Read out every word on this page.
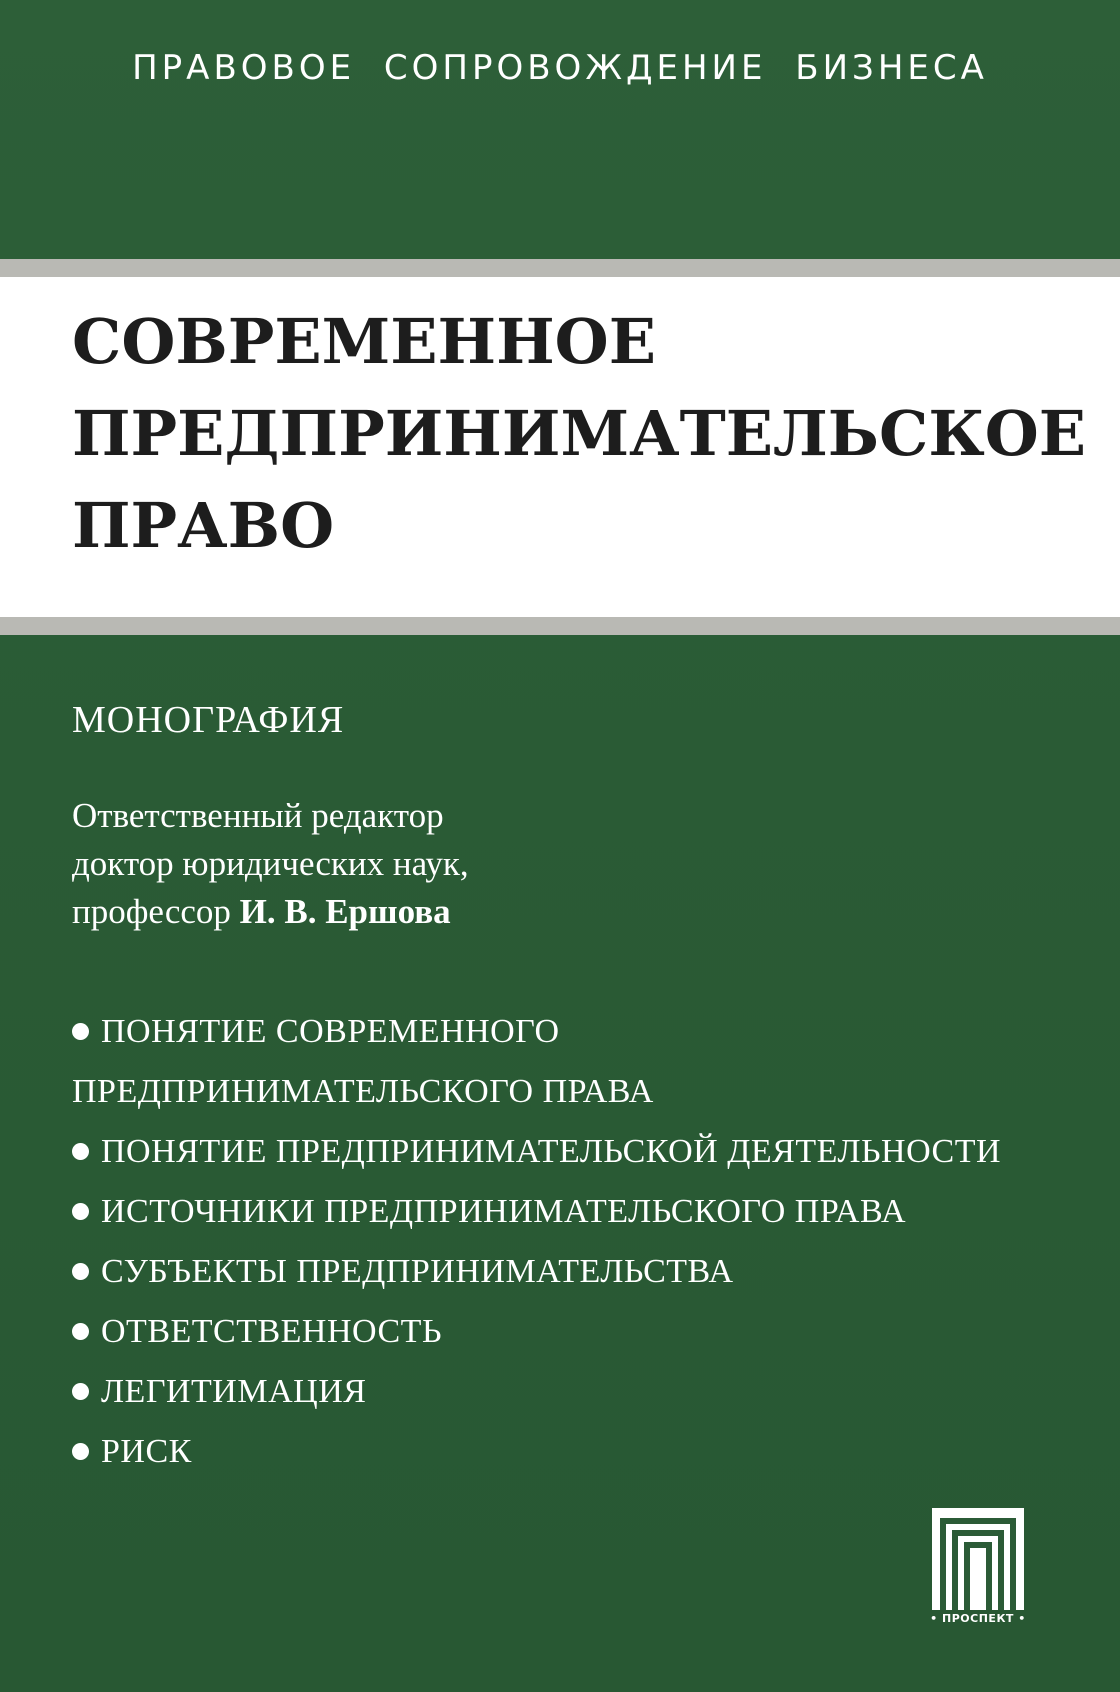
ПРАВОВОЕ СОПРОВОЖДЕНИЕ БИЗНЕСА
СОВРЕМЕННОЕ
ПРЕДПРИНИМАТЕЛЬСКОЕ
ПРАВО
МОНОГРАФИЯ
Ответственный редактор
доктор юридических наук,
профессор И. В. Ершова
ПОНЯТИЕ СОВРЕМЕННОГО
ПРЕДПРИНИМАТЕЛЬСКОГО ПРАВА
ПОНЯТИЕ ПРЕДПРИНИМАТЕЛЬСКОЙ ДЕЯТЕЛЬНОСТИ
ИСТОЧНИКИ ПРЕДПРИНИМАТЕЛЬСКОГО ПРАВА
СУБЪЕКТЫ ПРЕДПРИНИМАТЕЛЬСТВА
ОТВЕТСТВЕННОСТЬ
ЛЕГИТИМАЦИЯ
РИСК
• ПРОСПЕКТ •
